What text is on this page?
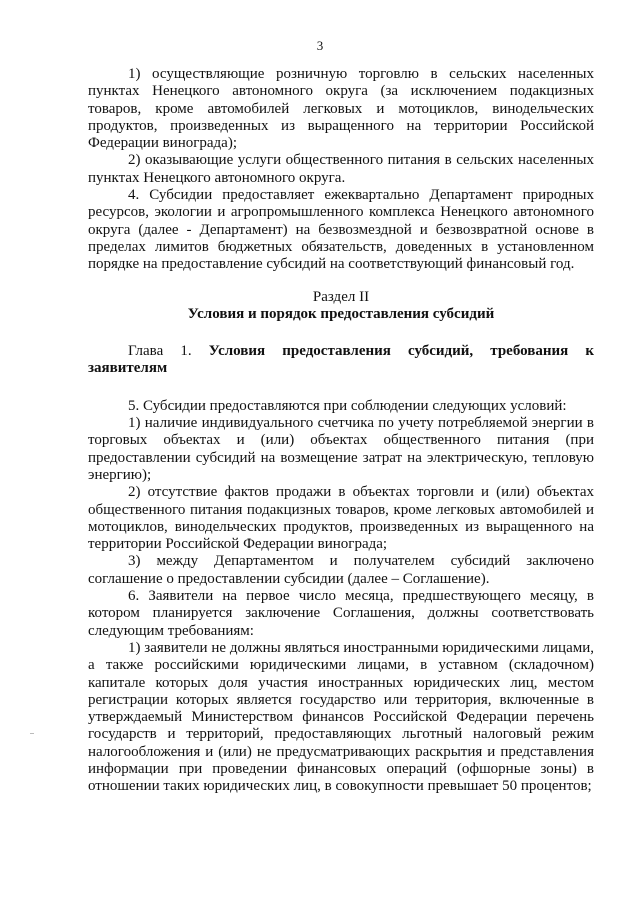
3

1) осуществляющие розничную торговлю в сельских населенных пунктах Ненецкого автономного округа (за исключением подакцизных товаров, кроме автомобилей легковых и мотоциклов, винодельческих продуктов, произведенных из выращенного на территории Российской Федерации винограда);

2) оказывающие услуги общественного питания в сельских населенных пунктах Ненецкого автономного округа.

4. Субсидии предоставляет ежеквартально Департамент природных ресурсов, экологии и агропромышленного комплекса Ненецкого автономного округа (далее - Департамент) на безвозмездной и безвозвратной основе в пределах лимитов бюджетных обязательств, доведенных в установленном порядке на предоставление субсидий на соответствующий финансовый год.

Раздел II

Условия и порядок предоставления субсидий

Глава 1. Условия предоставления субсидий, требования к заявителям

5. Субсидии предоставляются при соблюдении следующих условий:

1) наличие индивидуального счетчика по учету потребляемой энергии в торговых объектах и (или) объектах общественного питания (при предоставлении субсидий на возмещение затрат на электрическую, тепловую энергию);

2) отсутствие фактов продажи в объектах торговли и (или) объектах общественного питания подакцизных товаров, кроме легковых автомобилей и мотоциклов, винодельческих продуктов, произведенных из выращенного на территории Российской Федерации винограда;

3) между Департаментом и получателем субсидий заключено соглашение о предоставлении субсидии (далее – Соглашение).

6. Заявители на первое число месяца, предшествующего месяцу, в котором планируется заключение Соглашения, должны соответствовать следующим требованиям:

1) заявители не должны являться иностранными юридическими лицами, а также российскими юридическими лицами, в уставном (складочном) капитале которых доля участия иностранных юридических лиц, местом регистрации которых является государство или территория, включенные в утверждаемый Министерством финансов Российской Федерации перечень государств и территорий, предоставляющих льготный налоговый режим налогообложения и (или) не предусматривающих раскрытия и представления информации при проведении финансовых операций (офшорные зоны) в отношении таких юридических лиц, в совокупности превышает 50 процентов;
